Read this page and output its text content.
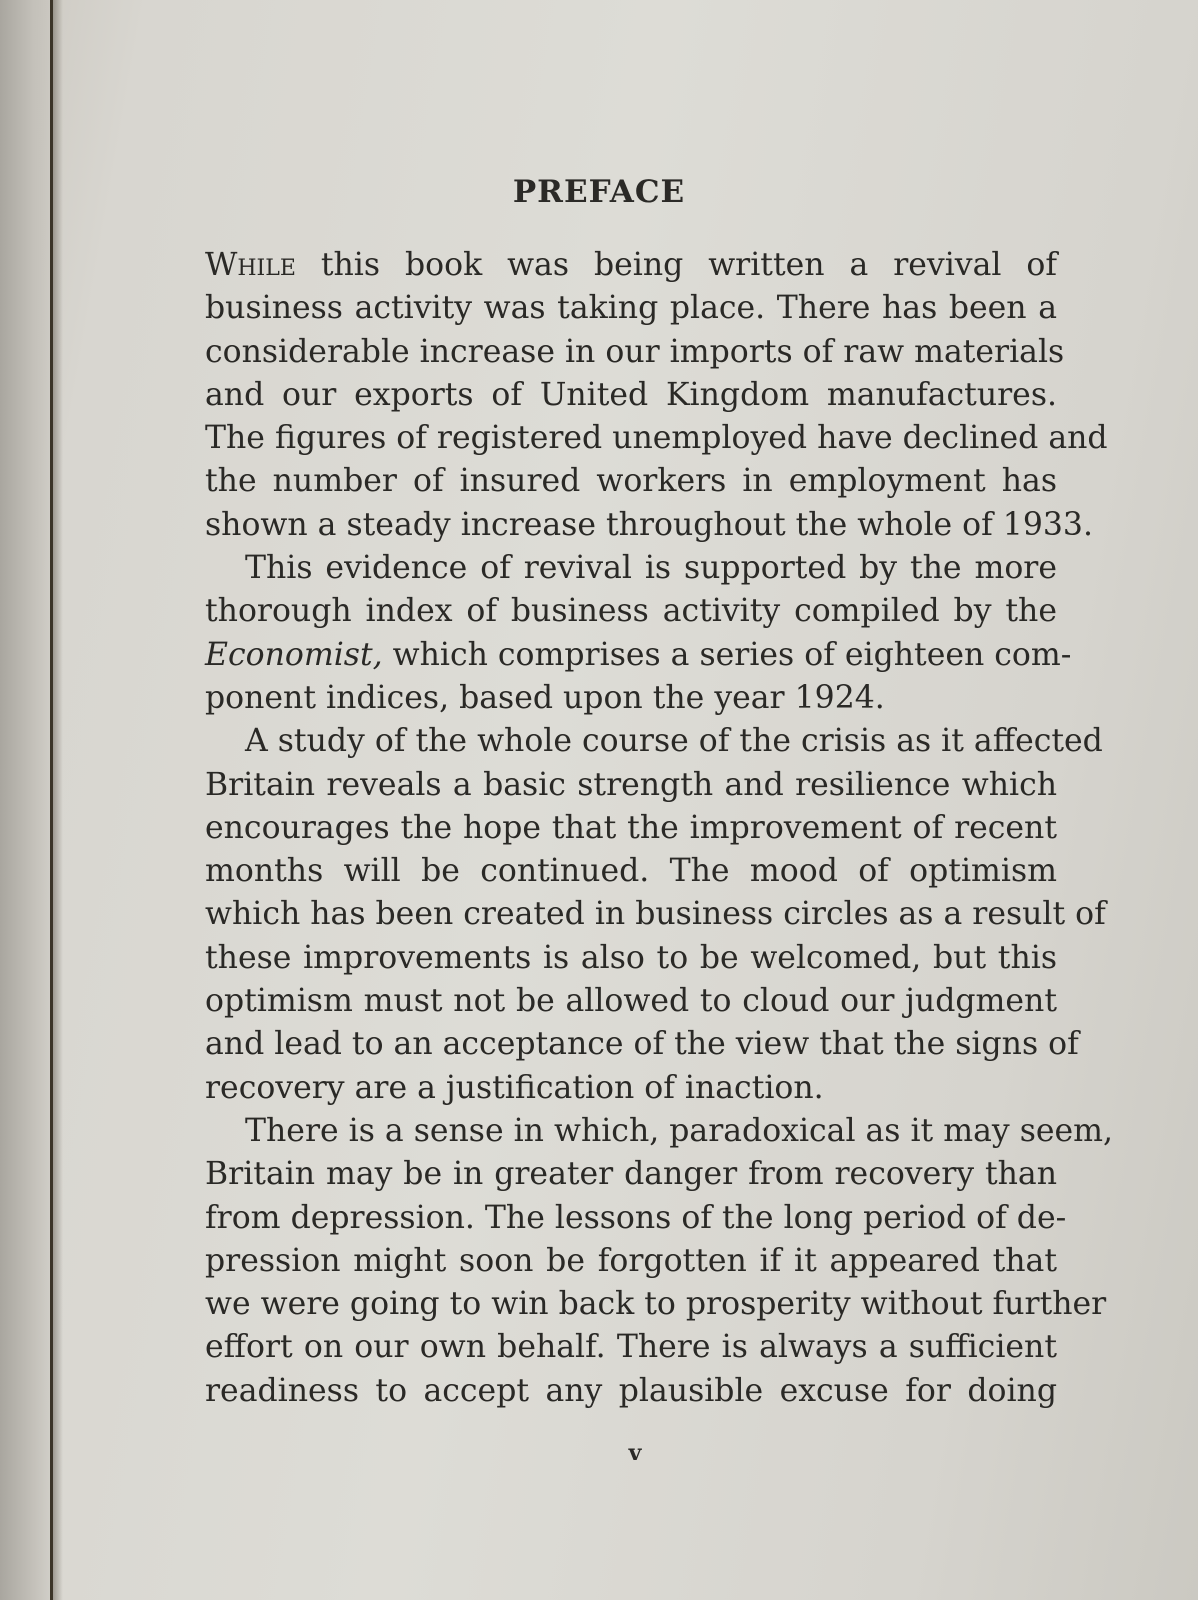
PREFACE
While this book was being written a revival of
business activity was taking place. There has been a
considerable increase in our imports of raw materials
and our exports of United Kingdom manufactures.
The figures of registered unemployed have declined and
the number of insured workers in employment has
shown a steady increase throughout the whole of 1933.
This evidence of revival is supported by the more
thorough index of business activity compiled by the
Economist, which comprises a series of eighteen com-
ponent indices, based upon the year 1924.
A study of the whole course of the crisis as it affected
Britain reveals a basic strength and resilience which
encourages the hope that the improvement of recent
months will be continued. The mood of optimism
which has been created in business circles as a result of
these improvements is also to be welcomed, but this
optimism must not be allowed to cloud our judgment
and lead to an acceptance of the view that the signs of
recovery are a justification of inaction.
There is a sense in which, paradoxical as it may seem,
Britain may be in greater danger from recovery than
from depression. The lessons of the long period of de-
pression might soon be forgotten if it appeared that
we were going to win back to prosperity without further
effort on our own behalf. There is always a sufficient
readiness to accept any plausible excuse for doing
v
